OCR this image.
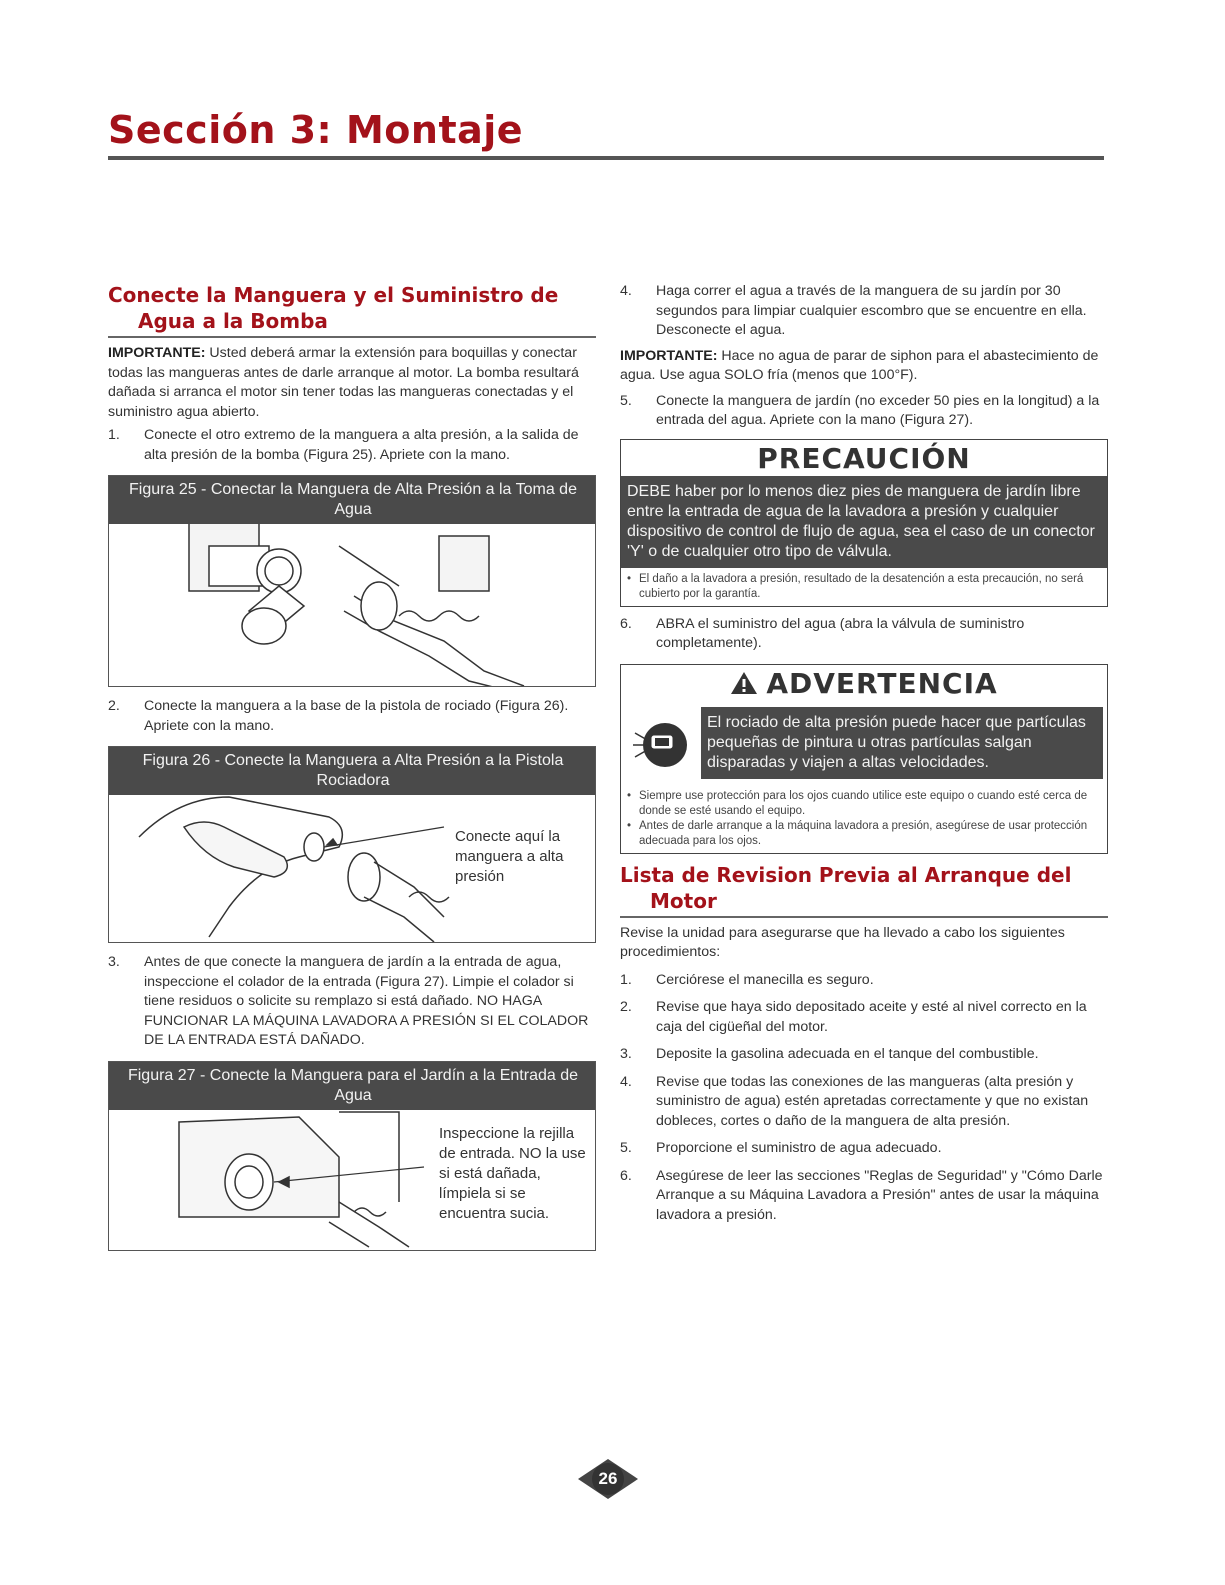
Sección 3: Montaje
Conecte la Manguera y el Suministro de
Agua a la Bomba

IMPORTANTE: Usted deberá armar la extensión para boquillas y conectar todas las mangueras antes de darle arranque al motor. La bomba resultará dañada si arranca el motor sin tener todas las mangueras conectadas y el suministro agua abierto.

1.	Conecte el otro extremo de la manguera a alta presión, a la salida de alta presión de la bomba (Figura 25). Apriete con la mano.
Figura 25 - Conectar la Manguera de Alta Presión a la Toma de Agua
2.	Conecte la manguera a la base de la pistola de rociado (Figura 26). Apriete con la mano.
Figura 26 - Conecte la Manguera a Alta Presión a la Pistola Rociadora
Conecte aquí la manguera a alta presión
3.	Antes de que conecte la manguera de jardín a la entrada de agua, inspeccione el colador de la entrada (Figura 27). Limpie el colador si tiene residuos o solicite su remplazo si está dañado. NO HAGA FUNCIONAR LA MÁQUINA LAVADORA A PRESIÓN SI EL COLADOR DE LA ENTRADA ESTÁ DAÑADO.
Figura 27 - Conecte la Manguera para el Jardín a la Entrada de Agua
Inspeccione la rejilla de entrada. NO la use si está dañada, límpiela si se encuentra sucia.
4.	Haga correr el agua a través de la manguera de su jardín por 30 segundos para limpiar cualquier escombro que se encuentre en ella. Desconecte el agua.

IMPORTANTE: Hace no agua de parar de siphon para el abastecimiento de agua. Use agua SOLO fría (menos que 100°F).

5.	Conecte la manguera de jardín (no exceder 50 pies en la longitud) a la entrada del agua. Apriete con la mano (Figura 27).
PRECAUCIÓN
DEBE haber por lo menos diez pies de manguera de jardín libre entre la entrada de agua de la lavadora a presión y cualquier dispositivo de control de flujo de agua, sea el caso de un conector 'Y' o de cualquier otro tipo de válvula.
• El daño a la lavadora a presión, resultado de la desatención a esta precaución, no será cubierto por la garantía.
6.	ABRA el suministro del agua (abra la válvula de suministro completamente).
ADVERTENCIA
El rociado de alta presión puede hacer que partículas pequeñas de pintura u otras partículas salgan disparadas y viajen a altas velocidades.
• Siempre use protección para los ojos cuando utilice este equipo o cuando esté cerca de donde se esté usando el equipo.
• Antes de darle arranque a la máquina lavadora a presión, asegúrese de usar protección adecuada para los ojos.
Lista de Revision Previa al Arranque del
Motor

Revise la unidad para asegurarse que ha llevado a cabo los siguientes procedimientos:

1.	Cerciórese el manecilla es seguro.
2.	Revise que haya sido depositado aceite y esté al nivel correcto en la caja del cigüeñal del motor.
3.	Deposite la gasolina adecuada en el tanque del combustible.
4.	Revise que todas las conexiones de las mangueras (alta presión y suministro de agua) estén apretadas correctamente y que no existan dobleces, cortes o daño de la manguera de alta presión.
5.	Proporcione el suministro de agua adecuado.
6.	Asegúrese de leer las secciones "Reglas de Seguridad" y "Cómo Darle Arranque a su Máquina Lavadora a Presión" antes de usar la máquina lavadora a presión.
26
